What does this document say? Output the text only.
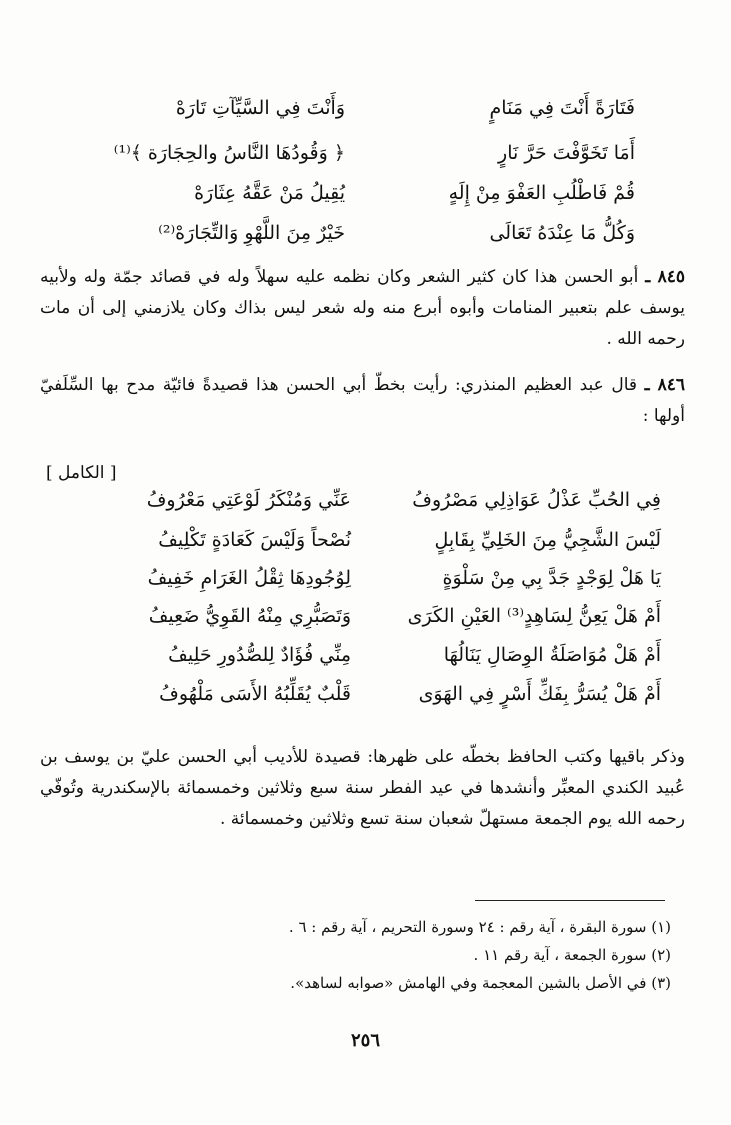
فَتَارَةً أَنْتَ فِي مَنَامٍ
وَأَنْتَ فِي السَّيِّآتِ تَارَهْ
أَمَا تَخَوَّفْتَ حَرَّ نَارٍ
﴿ وَقُودُهَا النَّاسُ والحِجَارَة ﴾⁽¹⁾
قُمْ فَاطْلُبِ العَفْوَ مِنْ إِلَهٍ
يُقِيلُ مَنْ عَقَّهُ عِثَارَهْ
وَكُلُّ مَا عِنْدَهُ تَعَالَى
خَيْرٌ مِنَ اللَّهْوِ وَالتِّجَارَهْ⁽²⁾
٨٤٥ ـ أبو الحسن هذا كان كثير الشعر وكان نظمه عليه سهلاً وله في قصائد جمّة وله ولأبيه يوسف علم بتعبير المنامات وأبوه أبرع منه وله شعر ليس بذاك وكان يلازمني إلى أن مات رحمه الله .
٨٤٦ ـ قال عبد العظيم المنذري: رأيت بخطّ أبي الحسن هذا قصيدةً فائيّة مدح بها السِّلَفيّ أولها :
[ الكامل ]
فِي الحُبِّ عَذْلُ عَوَاذِلِي مَصْرُوفُ
عَنِّي وَمُنْكَرُ لَوْعَتِي مَعْرُوفُ
لَيْسَ الشَّجِيُّ مِنَ الخَلِيِّ بِقَابِلٍ
نُصْحاً وَلَيْسَ كَعَادَةٍ تَكْلِيفُ
يَا هَلْ لِوَجْدٍ جَدَّ بِي مِنْ سَلْوَةٍ
لِوُجُودِهَا ثِقْلُ الغَرَامِ خَفِيفُ
أَمْ هَلْ يَعِنُّ لِسَاهِدٍ⁽³⁾ العَيْنِ الكَرَى
وَتَصَبُّرِي مِنْهُ القَوِيُّ ضَعِيفُ
أَمْ هَلْ مُوَاصَلَةُ الوِصَالِ يَنَالُهَا
مِنِّي فُؤَادٌ لِلصُّدُورِ حَلِيفُ
أَمْ هَلْ يُسَرُّ بِفَكِّ أَسْرٍ فِي الهَوَى
قَلْبٌ يُقَلِّبُهُ الأَسَى مَلْهُوفُ
وذكر باقيها وكتب الحافظ بخطّه على ظهرها: قصيدة للأديب أبي الحسن عليّ بن يوسف بن عُبيد الكندي المعبِّر وأنشدها في عيد الفطر سنة سبع وثلاثين وخمسمائة بالإسكندرية وتُوفّي رحمه الله يوم الجمعة مستهلّ شعبان سنة تسع وثلاثين وخمسمائة .
(١) سورة البقرة ، آية رقم : ٢٤ وسورة التحريم ، آية رقم : ٦ .
(٢) سورة الجمعة ، آية رقم ١١ .
(٣) في الأصل بالشين المعجمة وفي الهامش «صوابه لساهد».
٢٥٦
